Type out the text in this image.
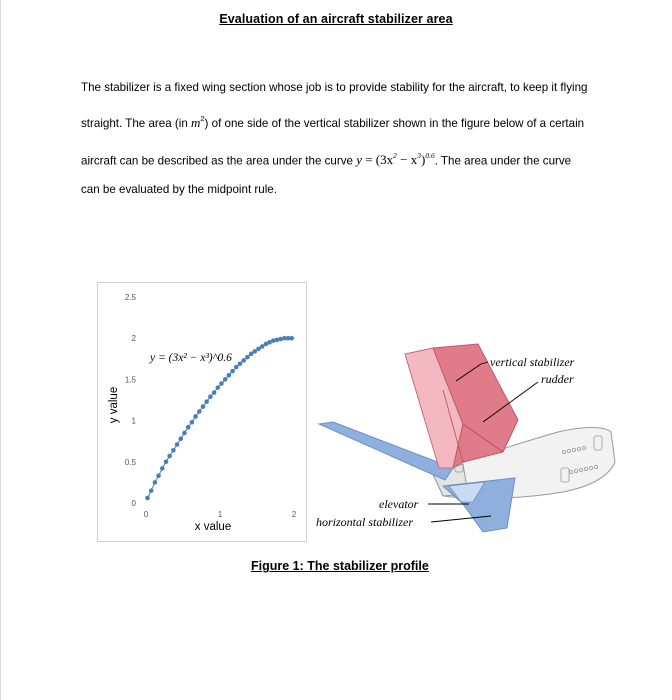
Evaluation of an aircraft stabilizer area
The stabilizer is a fixed wing section whose job is to provide stability for the aircraft, to keep it flying
straight. The area (in $m^2$) of one side of the vertical stabilizer shown in the figure below of a certain
aircraft can be described as the area under the curve $y = (3x^2 - x^3)^{0.6}$. The area under the curve
can be evaluated by the midpoint rule.
0
0.5
1
1.5
2
2.5
0	1	2
y = (3x² − x³)^0.6
x value
y value
vertical stabilizer
rudder
elevator
horizontal stabilizer
Figure 1: The stabilizer profile
